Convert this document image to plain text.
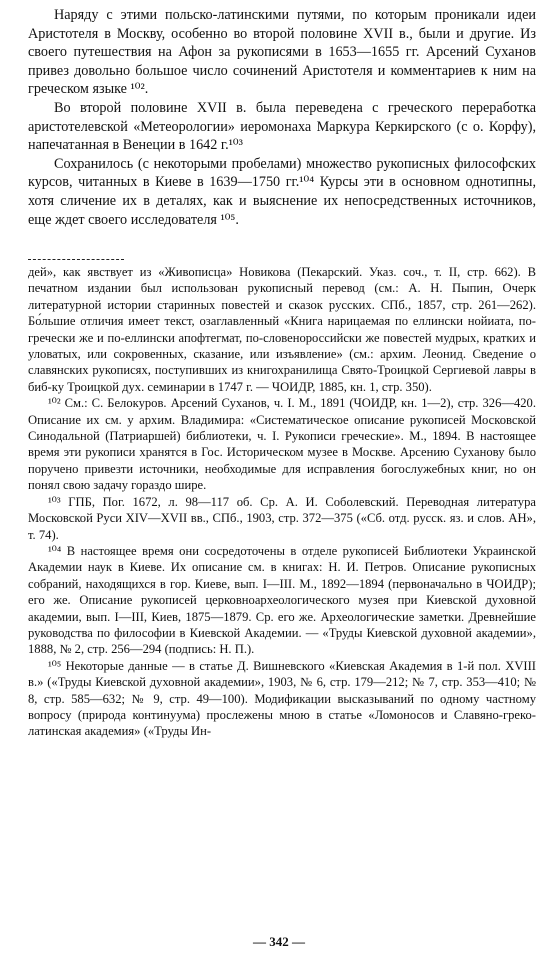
Наряду с этими польско-латинскими путями, по которым проникали идеи Аристотеля в Москву, особенно во второй половине XVII в., были и другие. Из своего путешествия на Афон за рукописями в 1653—1655 гг. Арсений Суханов привез довольно большое число сочинений Аристотеля и комментариев к ним на греческом языке ¹⁰².

Во второй половине XVII в. была переведена с греческого переработка аристотелевской «Метеорологии» иеромонаха Маркура Керкирского (с о. Корфу), напечатанная в Венеции в 1642 г.¹⁰³

Сохранилось (с некоторыми пробелами) множество рукописных философских курсов, читанных в Киеве в 1639—1750 гг.¹⁰⁴ Курсы эти в основном однотипны, хотя сличение их в деталях, как и выяснение их непосредственных источников, еще ждет своего исследователя ¹⁰⁵.

дей», как явствует из «Живописца» Новикова (Пекарский. Указ. соч., т. II, стр. 662). В печатном издании был использован рукописный перевод (см.: А. Н. Пыпин, Очерк литературной истории старинных повестей и сказок русских. СПб., 1857, стр. 261—262). Бо́льшие отличия имеет текст, озаглавленный «Книга нарицаемая по еллински нойиата, по-гречески же и по-еллински апофтегмат, по-словенороссийски же повестей мудрых, кратких и уловатых, или сокровенных, сказание, или изъявление» (см.: архим. Леонид. Сведение о славянских рукописях, поступивших из книгохранилища Свято-Троицкой Сергиевой лавры в биб-ку Троицкой дух. семинарии в 1747 г. — ЧОИДР, 1885, кн. 1, стр. 350).

¹⁰² См.: С. Белокуров. Арсений Суханов, ч. I. М., 1891 (ЧОИДР, кн. 1—2), стр. 326—420. Описание их см. у архим. Владимира: «Систематическое описание рукописей Московской Синодальной (Патриаршей) библиотеки, ч. I. Рукописи греческие». М., 1894. В настоящее время эти рукописи хранятся в Гос. Историческом музее в Москве. Арсению Суханову было поручено привезти источники, необходимые для исправления богослужебных книг, но он понял свою задачу гораздо шире.

¹⁰³ ГПБ, Пог. 1672, л. 98—117 об. Ср. А. И. Соболевский. Переводная литература Московской Руси XIV—XVII вв., СПб., 1903, стр. 372—375 («Сб. отд. русск. яз. и слов. АН», т. 74).

¹⁰⁴ В настоящее время они сосредоточены в отделе рукописей Библиотеки Украинской Академии наук в Киеве. Их описание см. в книгах: Н. И. Петров. Описание рукописных собраний, находящихся в гор. Киеве, вып. I—III. М., 1892—1894 (первоначально в ЧОИДР); его же. Описание рукописей церковноархеологического музея при Киевской духовной академии, вып. I—III, Киев, 1875—1879. Ср. его же. Археологические заметки. Древнейшие руководства по философии в Киевской Академии. — «Труды Киевской духовной академии», 1888, № 2, стр. 256—294 (подпись: Н. П.).

¹⁰⁵ Некоторые данные — в статье Д. Вишневского «Киевская Академия в 1-й пол. XVIII в.» («Труды Киевской духовной академии», 1903, № 6, стр. 179—212; № 7, стр. 353—410; № 8, стр. 585—632; № 9, стр. 49—100). Модификации высказываний по одному частному вопросу (природа континуума) прослежены мною в статье «Ломоносов и Славяно-греко-латинская академия» («Труды Ин-

— 342 —
